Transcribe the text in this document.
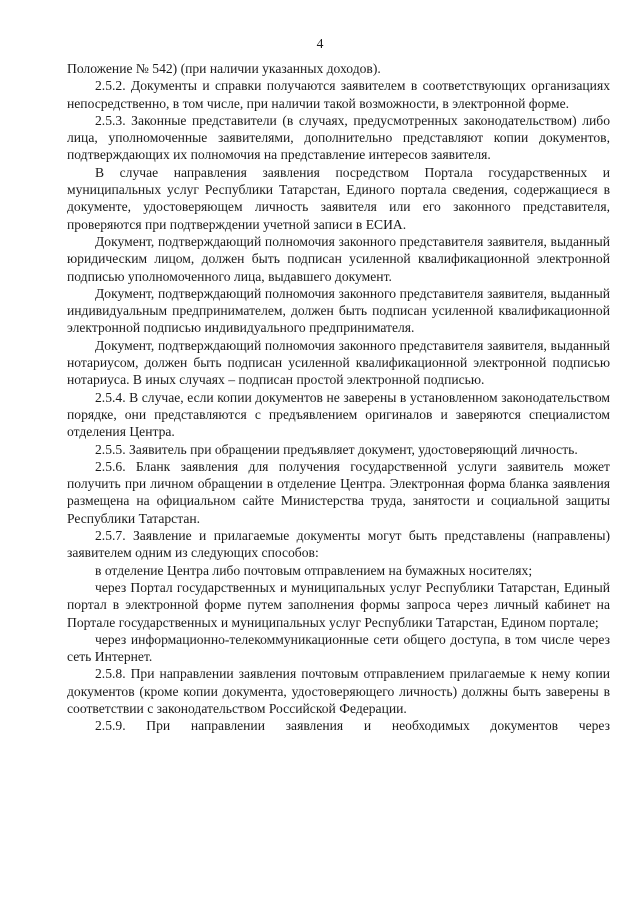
4

Положение № 542) (при наличии указанных доходов).

2.5.2. Документы и справки получаются заявителем в соответствующих организациях непосредственно, в том числе, при наличии такой возможности, в электронной форме.

2.5.3. Законные представители (в случаях, предусмотренных законодательством) либо лица, уполномоченные заявителями, дополнительно представляют копии документов, подтверждающих их полномочия на представление интересов заявителя.

В случае направления заявления посредством Портала государственных и муниципальных услуг Республики Татарстан, Единого портала сведения, содержащиеся в документе, удостоверяющем личность заявителя или его законного представителя, проверяются при подтверждении учетной записи в ЕСИА.

Документ, подтверждающий полномочия законного представителя заявителя, выданный юридическим лицом, должен быть подписан усиленной квалификационной электронной подписью уполномоченного лица, выдавшего документ.

Документ, подтверждающий полномочия законного представителя заявителя, выданный индивидуальным предпринимателем, должен быть подписан усиленной квалификационной электронной подписью индивидуального предпринимателя.

Документ, подтверждающий полномочия законного представителя заявителя, выданный нотариусом, должен быть подписан усиленной квалификационной электронной подписью нотариуса. В иных случаях – подписан простой электронной подписью.

2.5.4. В случае, если копии документов не заверены в установленном законодательством порядке, они представляются с предъявлением оригиналов и заверяются специалистом отделения Центра.

2.5.5. Заявитель при обращении предъявляет документ, удостоверяющий личность.

2.5.6. Бланк заявления для получения государственной услуги заявитель может получить при личном обращении в отделение Центра. Электронная форма бланка заявления размещена на официальном сайте Министерства труда, занятости и социальной защиты Республики Татарстан.

2.5.7. Заявление и прилагаемые документы могут быть представлены (направлены) заявителем одним из следующих способов:

в отделение Центра либо почтовым отправлением на бумажных носителях;

через Портал государственных и муниципальных услуг Республики Татарстан, Единый портал в электронной форме путем заполнения формы запроса через личный кабинет на Портале государственных и муниципальных услуг Республики Татарстан, Едином портале;

через информационно-телекоммуникационные сети общего доступа, в том числе через сеть Интернет.

2.5.8. При направлении заявления почтовым отправлением прилагаемые к нему копии документов (кроме копии документа, удостоверяющего личность) должны быть заверены в соответствии с законодательством Российской Федерации.

2.5.9. При направлении заявления и необходимых документов через
